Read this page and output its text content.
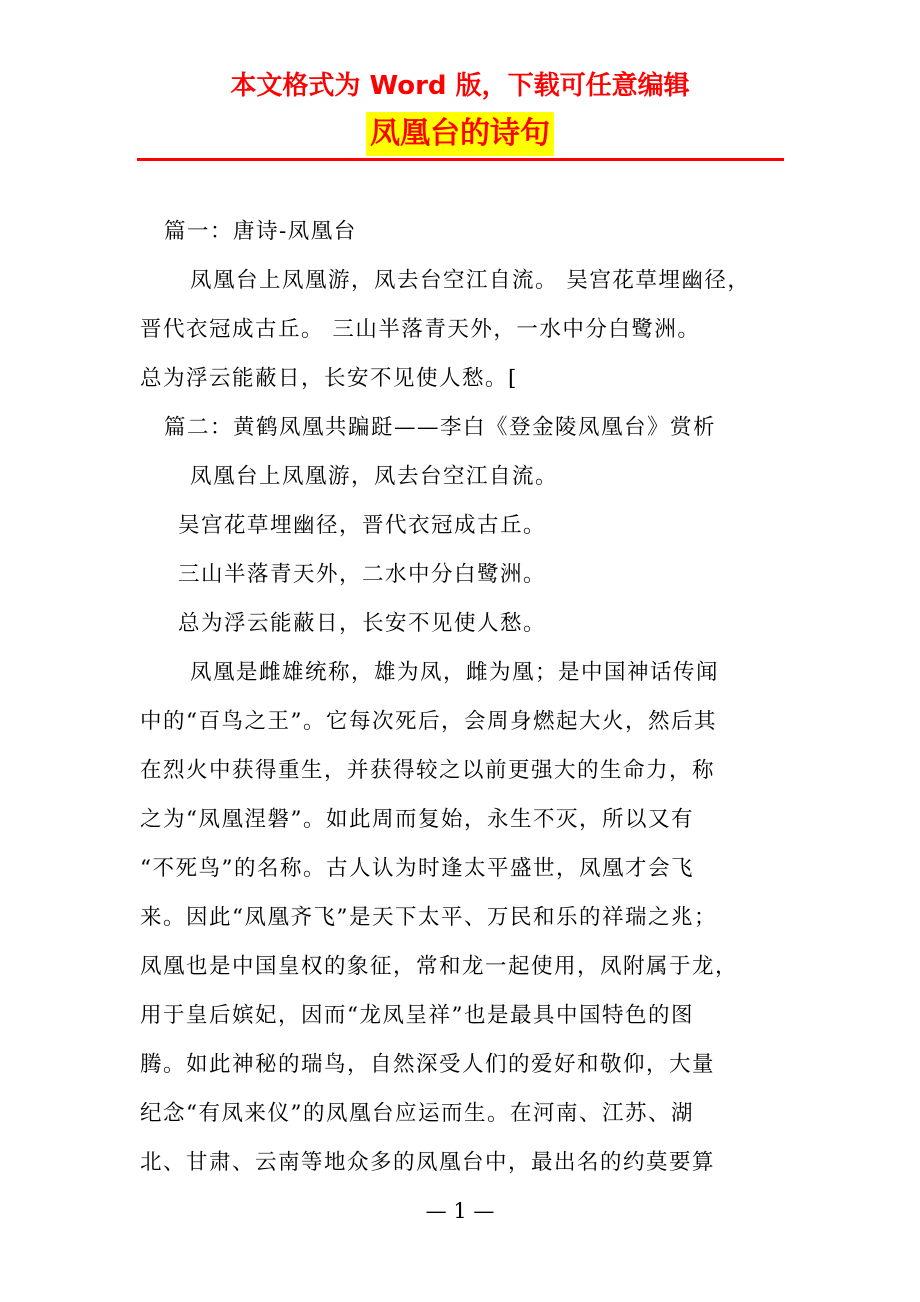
本文格式为 Word 版，下载可任意编辑
凤凰台的诗句

篇一：唐诗-凤凰台

凤凰台上凤凰游，凤去台空江自流。 吴宫花草埋幽径，

晋代衣冠成古丘。 三山半落青天外，一水中分白鹭洲。

总为浮云能蔽日，长安不见使人愁。[

篇二：黄鹤凤凰共蹁跹——李白《登金陵凤凰台》赏析

凤凰台上凤凰游，凤去台空江自流。

吴宫花草埋幽径，晋代衣冠成古丘。

三山半落青天外，二水中分白鹭洲。

总为浮云能蔽日，长安不见使人愁。

凤凰是雌雄统称，雄为凤，雌为凰；是中国神话传闻

中的“百鸟之王”。它每次死后，会周身燃起大火，然后其

在烈火中获得重生，并获得较之以前更强大的生命力，称

之为“凤凰涅磐”。如此周而复始，永生不灭，所以又有

“不死鸟”的名称。古人认为时逢太平盛世，凤凰才会飞

来。因此“凤凰齐飞”是天下太平、万民和乐的祥瑞之兆；

凤凰也是中国皇权的象征，常和龙一起使用，凤附属于龙，

用于皇后嫔妃，因而“龙凤呈祥”也是最具中国特色的图

腾。如此神秘的瑞鸟，自然深受人们的爱好和敬仰，大量

纪念“有凤来仪”的凤凰台应运而生。在河南、江苏、湖

北、甘肃、云南等地众多的凤凰台中，最出名的约莫要算

— 1 —
